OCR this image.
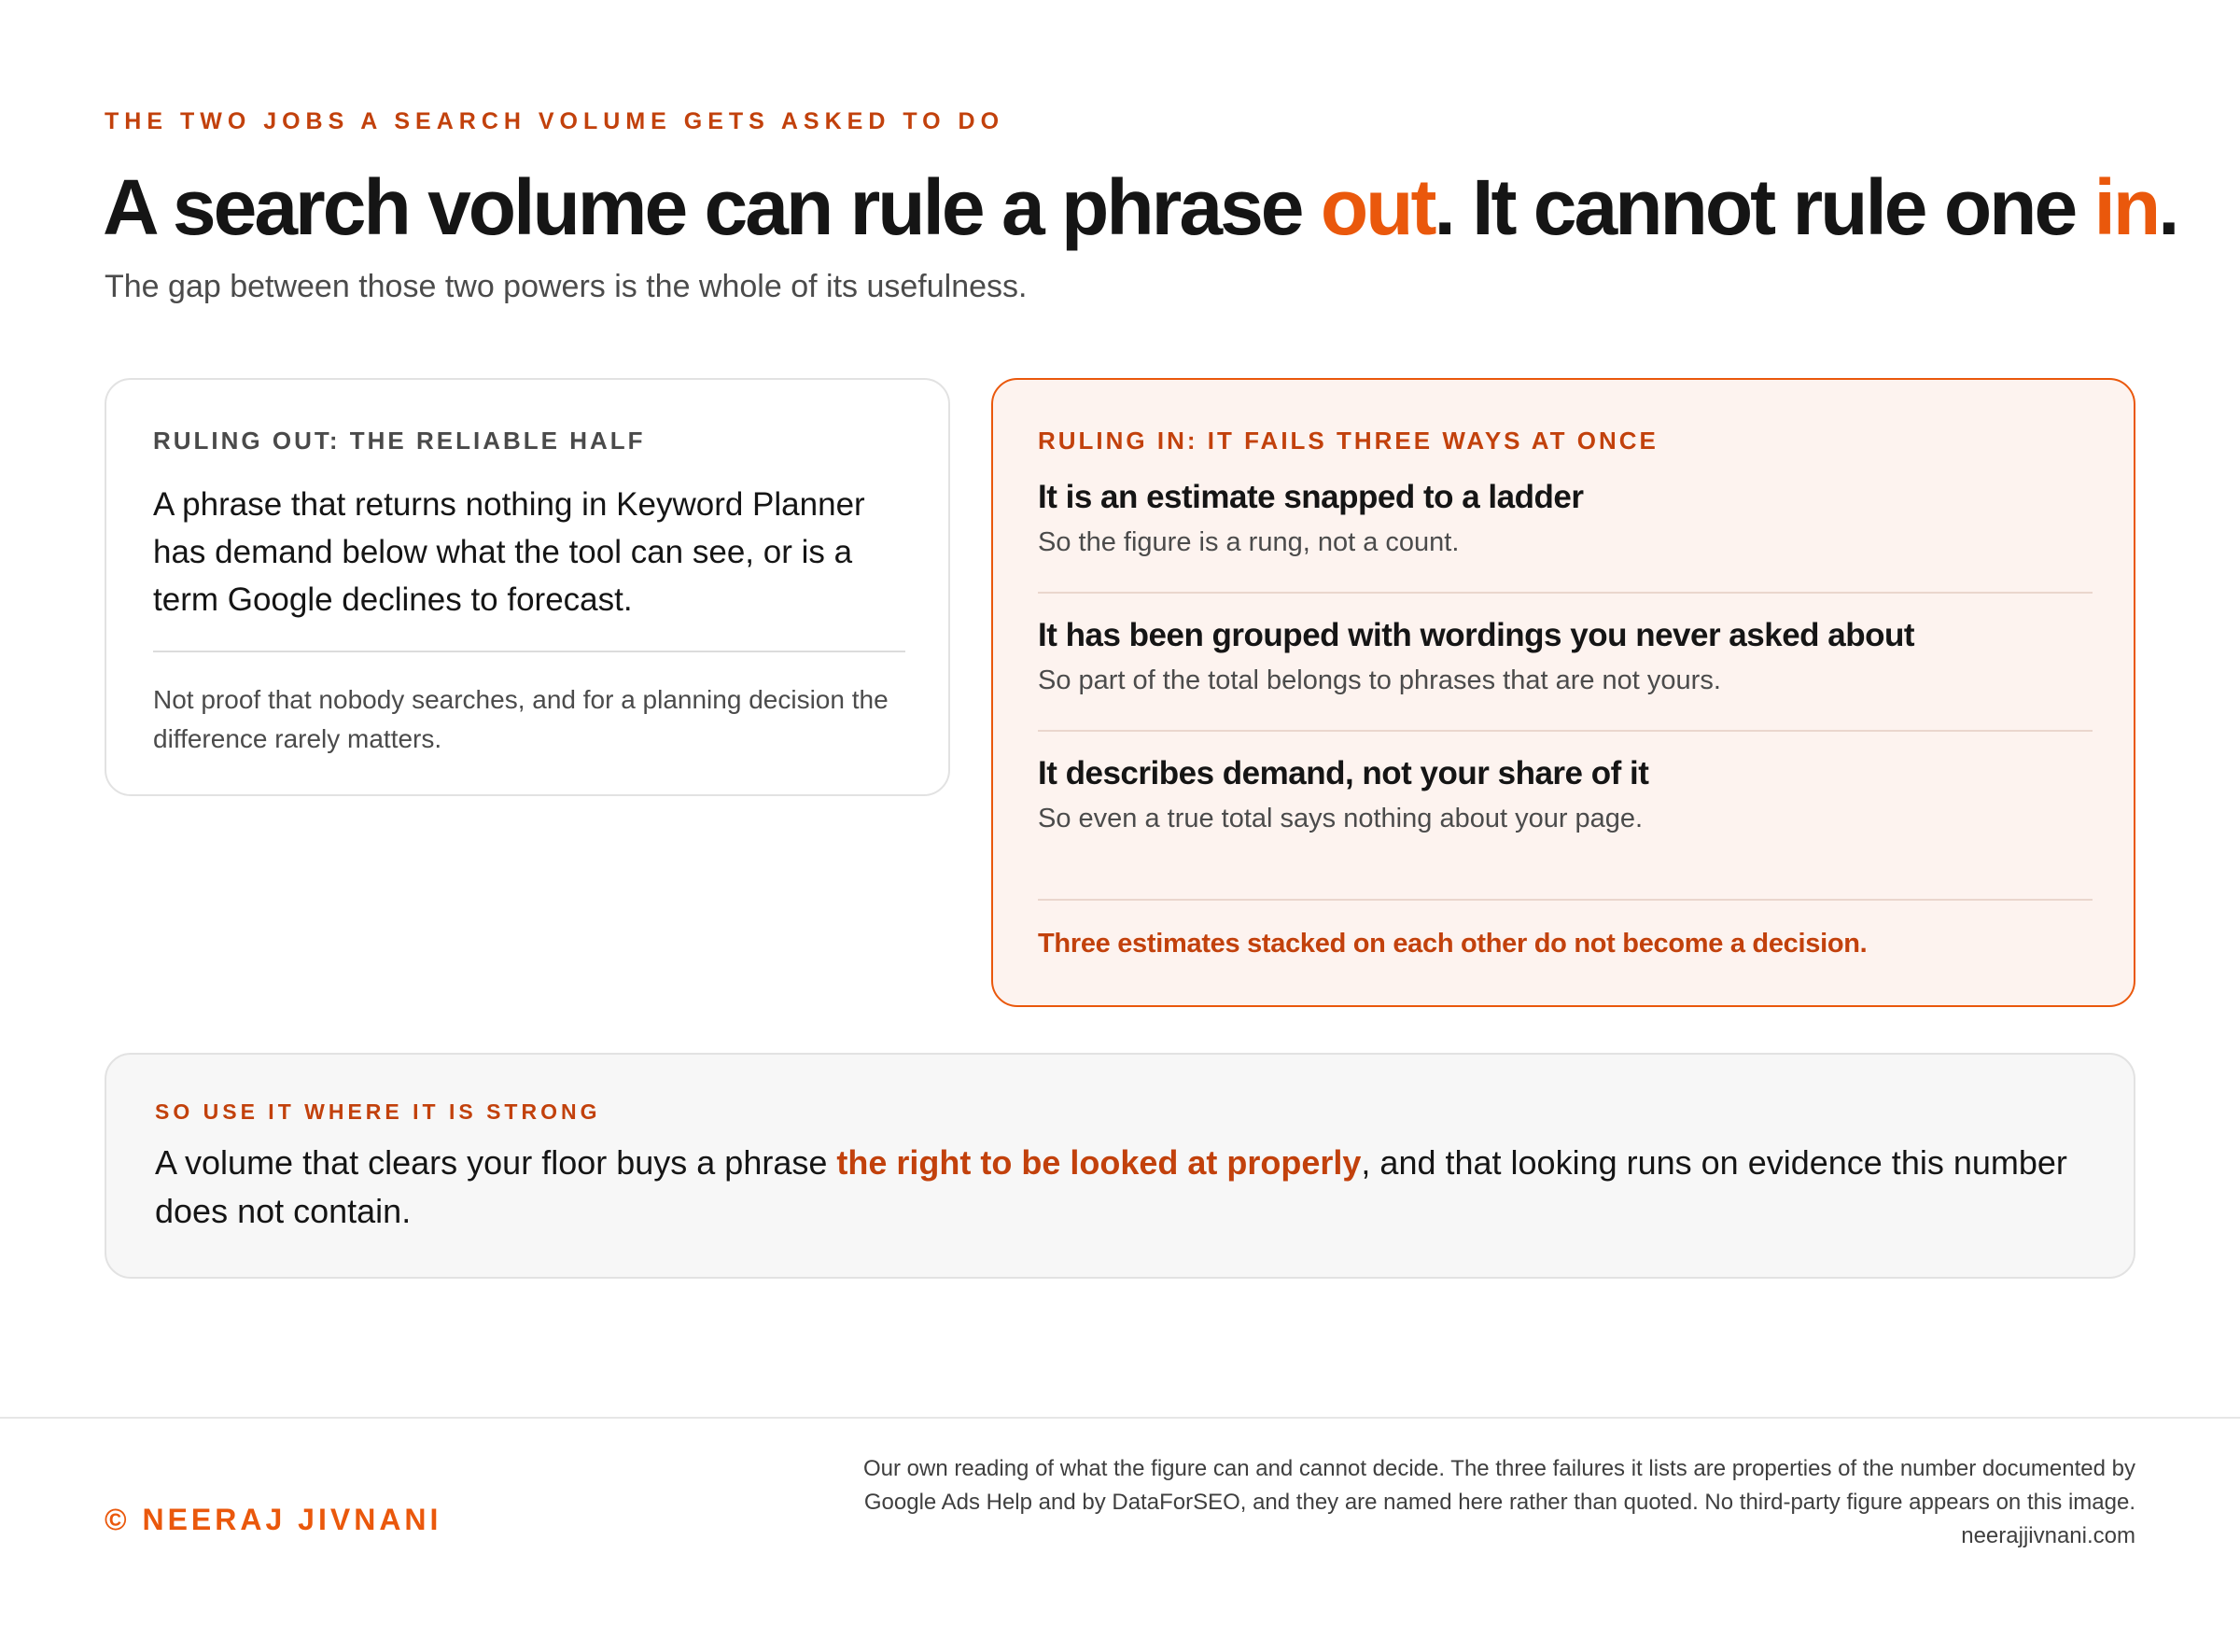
THE TWO JOBS A SEARCH VOLUME GETS ASKED TO DO
A search volume can rule a phrase out. It cannot rule one in.
The gap between those two powers is the whole of its usefulness.
RULING OUT: THE RELIABLE HALF
A phrase that returns nothing in Keyword Planner has demand below what the tool can see, or is a term Google declines to forecast.
Not proof that nobody searches, and for a planning decision the difference rarely matters.
RULING IN: IT FAILS THREE WAYS AT ONCE
It is an estimate snapped to a ladder
So the figure is a rung, not a count.
It has been grouped with wordings you never asked about
So part of the total belongs to phrases that are not yours.
It describes demand, not your share of it
So even a true total says nothing about your page.
Three estimates stacked on each other do not become a decision.
SO USE IT WHERE IT IS STRONG
A volume that clears your floor buys a phrase the right to be looked at properly, and that looking runs on evidence this number does not contain.
© NEERAJ JIVNANI
Our own reading of what the figure can and cannot decide. The three failures it lists are properties of the number documented by Google Ads Help and by DataForSEO, and they are named here rather than quoted. No third-party figure appears on this image.
neerajjivnani.com
